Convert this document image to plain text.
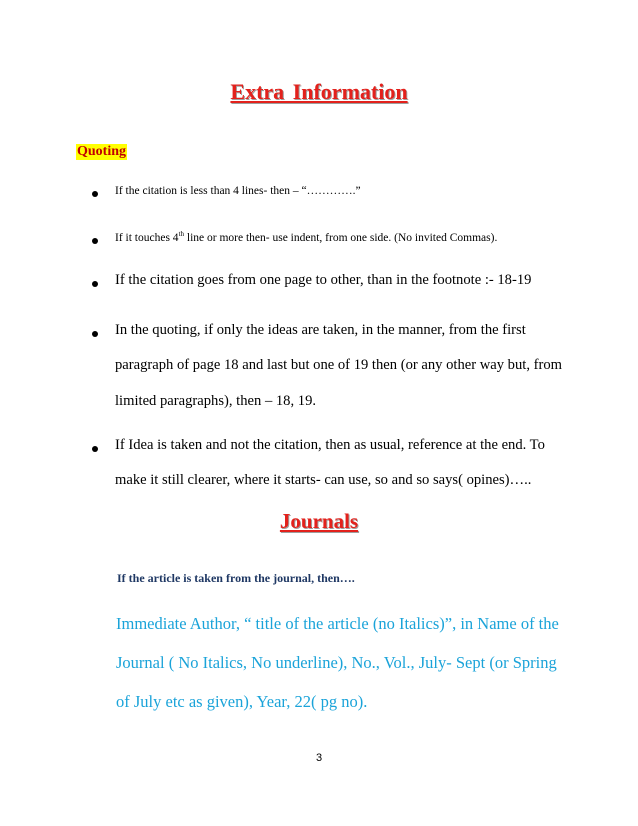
Extra Information
Quoting
If the citation is less than 4 lines- then – “………….”
If it touches 4th line or more then- use indent, from one side. (No invited Commas).
If the citation goes from one page to other, than in the footnote :- 18-19
In the quoting, if only the ideas are taken, in the manner, from the first
paragraph of page 18 and last but one of 19 then (or any other way but, from
limited paragraphs), then – 18, 19.
If Idea is taken and not the citation, then as usual, reference at the end. To
make it still clearer, where it starts- can use, so and so says( opines)…..
Journals

If the article is taken from the journal, then….

Immediate Author, “ title of the article (no Italics)”, in Name of the
Journal ( No Italics, No underline), No., Vol., July- Sept (or Spring
of July etc as given), Year, 22( pg no).

3
